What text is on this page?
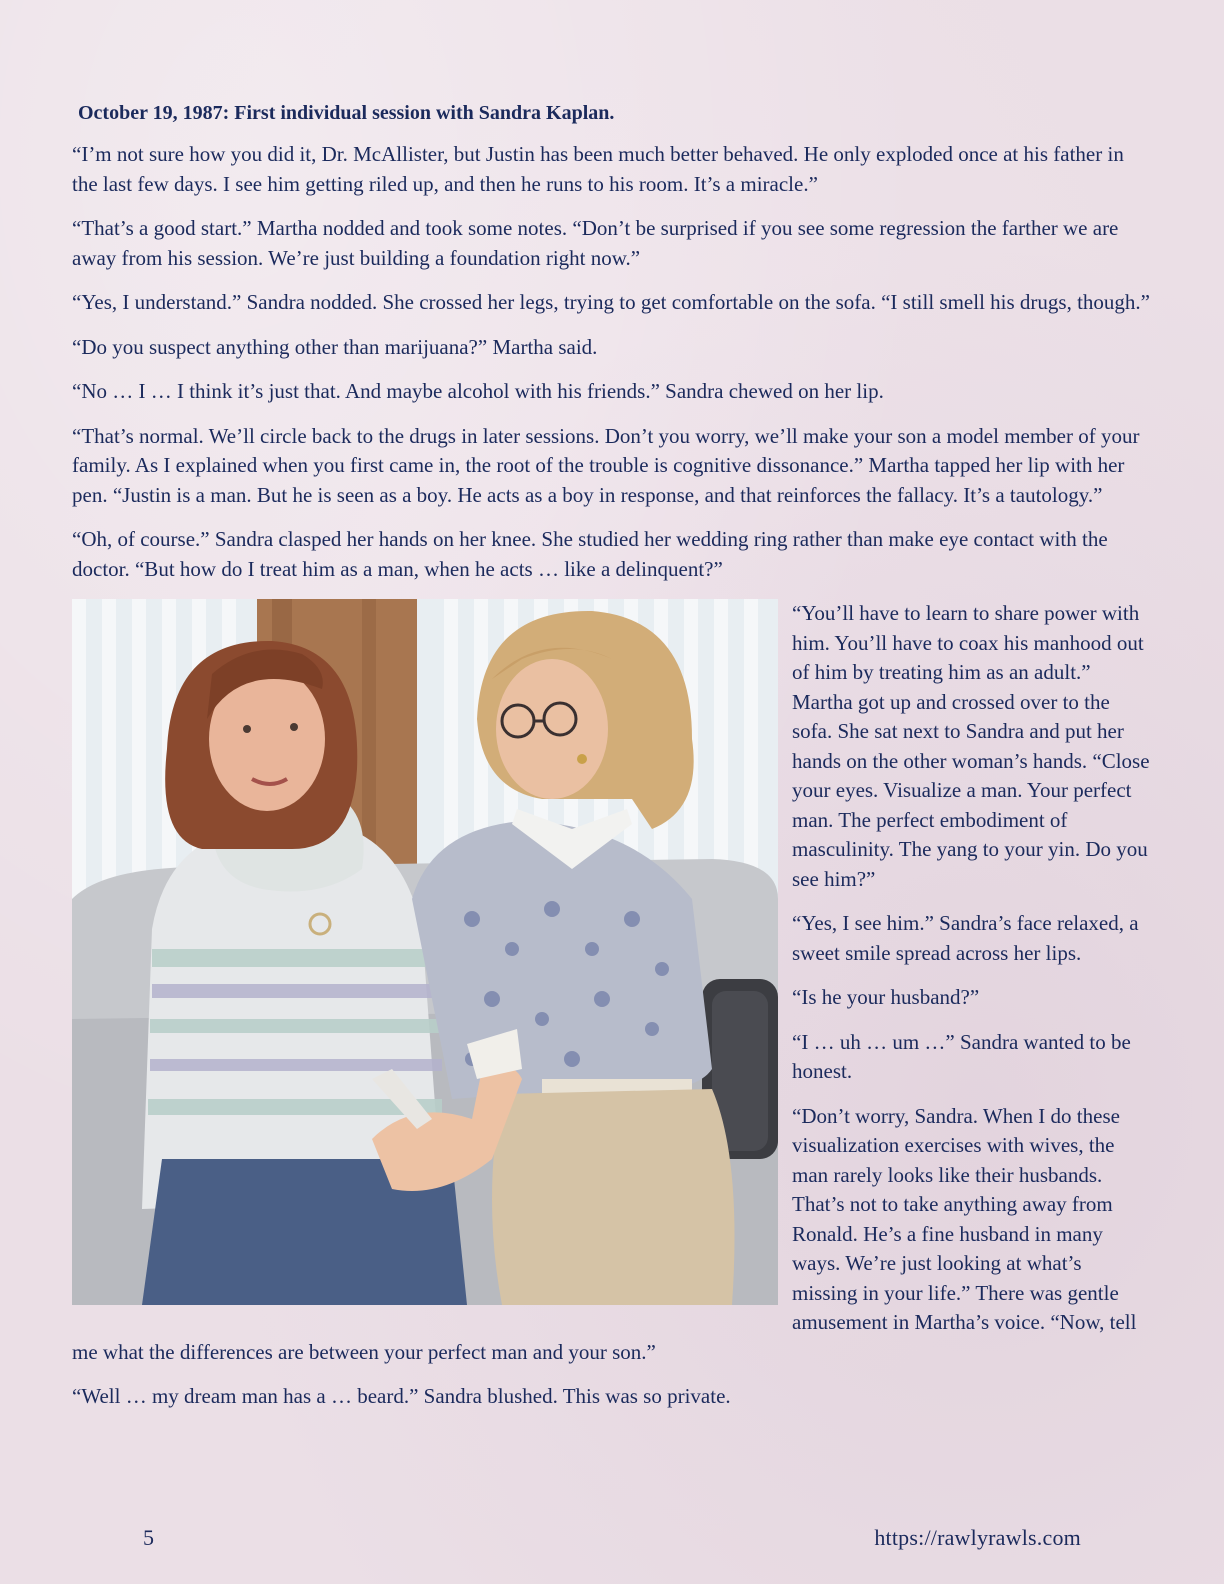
October 19, 1987: First individual session with Sandra Kaplan.

“I’m not sure how you did it, Dr. McAllister, but Justin has been much better behaved. He only exploded once at his father in the last few days. I see him getting riled up, and then he runs to his room. It’s a miracle.”

“That’s a good start.” Martha nodded and took some notes. “Don’t be surprised if you see some regression the farther we are away from his session. We’re just building a foundation right now.”

“Yes, I understand.” Sandra nodded. She crossed her legs, trying to get comfortable on the sofa. “I still smell his drugs, though.”

“Do you suspect anything other than marijuana?” Martha said.

“No … I … I think it’s just that. And maybe alcohol with his friends.” Sandra chewed on her lip.

“That’s normal. We’ll circle back to the drugs in later sessions. Don’t you worry, we’ll make your son a model member of your family. As I explained when you first came in, the root of the trouble is cognitive dissonance.” Martha tapped her lip with her pen. “Justin is a man. But he is seen as a boy. He acts as a boy in response, and that reinforces the fallacy. It’s a tautology.”

“Oh, of course.” Sandra clasped her hands on her knee. She studied her wedding ring rather than make eye contact with the doctor. “But how do I treat him as a man, when he acts … like a delinquent?”

“You’ll have to learn to share power with him. You’ll have to coax his manhood out of him by treating him as an adult.” Martha got up and crossed over to the sofa. She sat next to Sandra and put her hands on the other woman’s hands. “Close your eyes. Visualize a man. Your perfect man. The perfect embodiment of masculinity. The yang to your yin. Do you see him?”

“Yes, I see him.” Sandra’s face relaxed, a sweet smile spread across her lips.

“Is he your husband?”

“I … uh … um …” Sandra wanted to be honest.

“Don’t worry, Sandra. When I do these visualization exercises with wives, the man rarely looks like their husbands. That’s not to take anything away from Ronald. He’s a fine husband in many ways. We’re just looking at what’s missing in your life.” There was gentle amusement in Martha’s voice. “Now, tell me what the differences are between your perfect man and your son.”

“Well … my dream man has a … beard.” Sandra blushed. This was so private.

5	https://rawlyrawls.com
